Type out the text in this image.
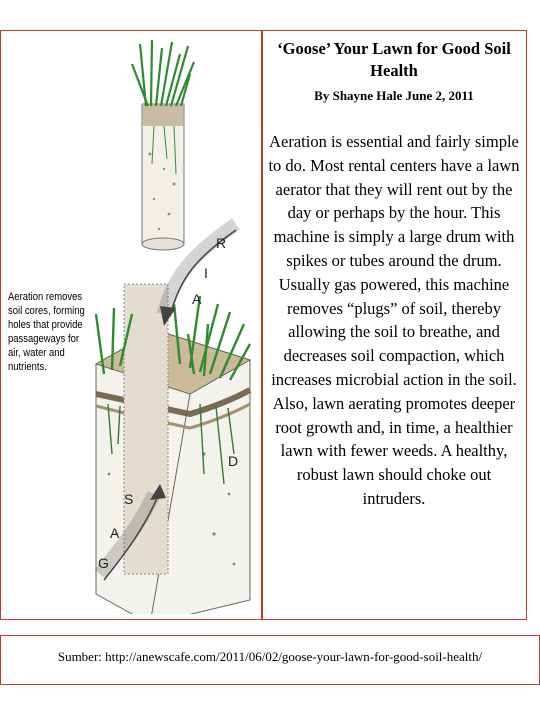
R
I
A
D
S
A
G

Aeration removes soil cores, forming holes that provide passageways for air, water and nutrients.

‘Goose’ Your Lawn for Good Soil Health

By Shayne Hale June 2, 2011

Aeration is essential and fairly simple to do. Most rental centers have a lawn aerator that they will rent out by the day or perhaps by the hour. This machine is simply a large drum with spikes or tubes around the drum. Usually gas powered, this machine removes “plugs” of soil, thereby allowing the soil to breathe, and decreases soil compaction, which increases microbial action in the soil. Also, lawn aerating promotes deeper root growth and, in time, a healthier lawn with fewer weeds. A healthy, robust lawn should choke out intruders.

Sumber: http://anewscafe.com/2011/06/02/goose-your-lawn-for-good-soil-health/
